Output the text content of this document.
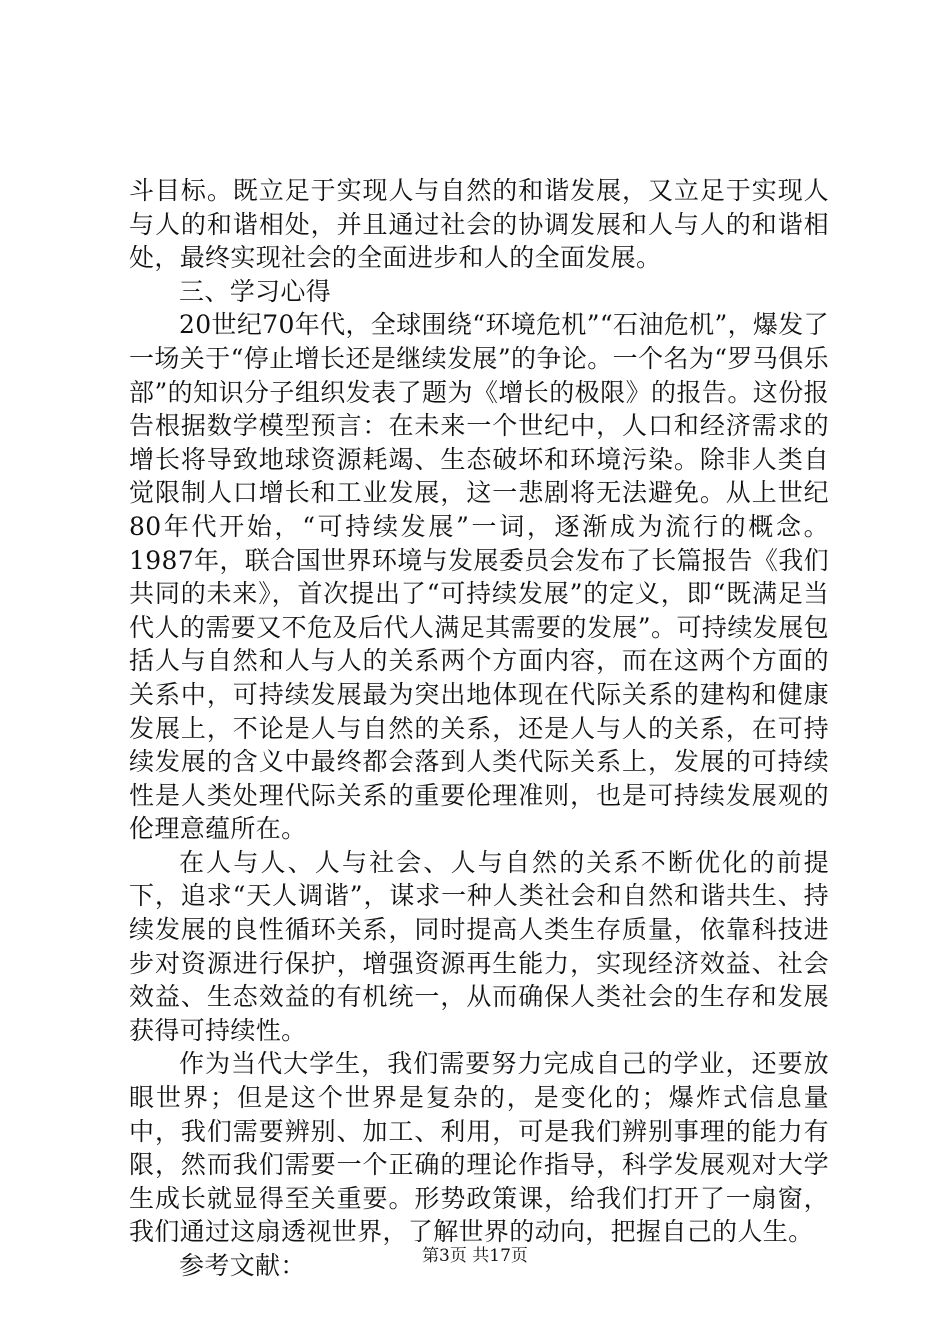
斗目标。既立足于实现人与自然的和谐发展，又立足于实现人与人的和谐相处，并且通过社会的协调发展和人与人的和谐相处，最终实现社会的全面进步和人的全面发展。

三、学习心得

20世纪70年代，全球围绕“环境危机”“石油危机”，爆发了一场关于“停止增长还是继续发展”的争论。一个名为“罗马俱乐部”的知识分子组织发表了题为《增长的极限》的报告。这份报告根据数学模型预言：在未来一个世纪中，人口和经济需求的增长将导致地球资源耗竭、生态破坏和环境污染。除非人类自觉限制人口增长和工业发展，这一悲剧将无法避免。从上世纪80年代开始，“可持续发展”一词，逐渐成为流行的概念。1987年，联合国世界环境与发展委员会发布了长篇报告《我们共同的未来》，首次提出了“可持续发展”的定义，即“既满足当代人的需要又不危及后代人满足其需要的发展”。可持续发展包括人与自然和人与人的关系两个方面内容，而在这两个方面的关系中，可持续发展最为突出地体现在代际关系的建构和健康发展上，不论是人与自然的关系，还是人与人的关系，在可持续发展的含义中最终都会落到人类代际关系上，发展的可持续性是人类处理代际关系的重要伦理准则，也是可持续发展观的伦理意蕴所在。

在人与人、人与社会、人与自然的关系不断优化的前提下，追求“天人调谐”，谋求一种人类社会和自然和谐共生、持续发展的良性循环关系，同时提高人类生存质量，依靠科技进步对资源进行保护，增强资源再生能力，实现经济效益、社会效益、生态效益的有机统一，从而确保人类社会的生存和发展获得可持续性。

作为当代大学生，我们需要努力完成自己的学业，还要放眼世界；但是这个世界是复杂的，是变化的；爆炸式信息量中，我们需要辨别、加工、利用，可是我们辨别事理的能力有限，然而我们需要一个正确的理论作指导，科学发展观对大学生成长就显得至关重要。形势政策课，给我们打开了一扇窗，我们通过这扇透视世界，了解世界的动向，把握自己的人生。

参考文献：	第3页 共17页
